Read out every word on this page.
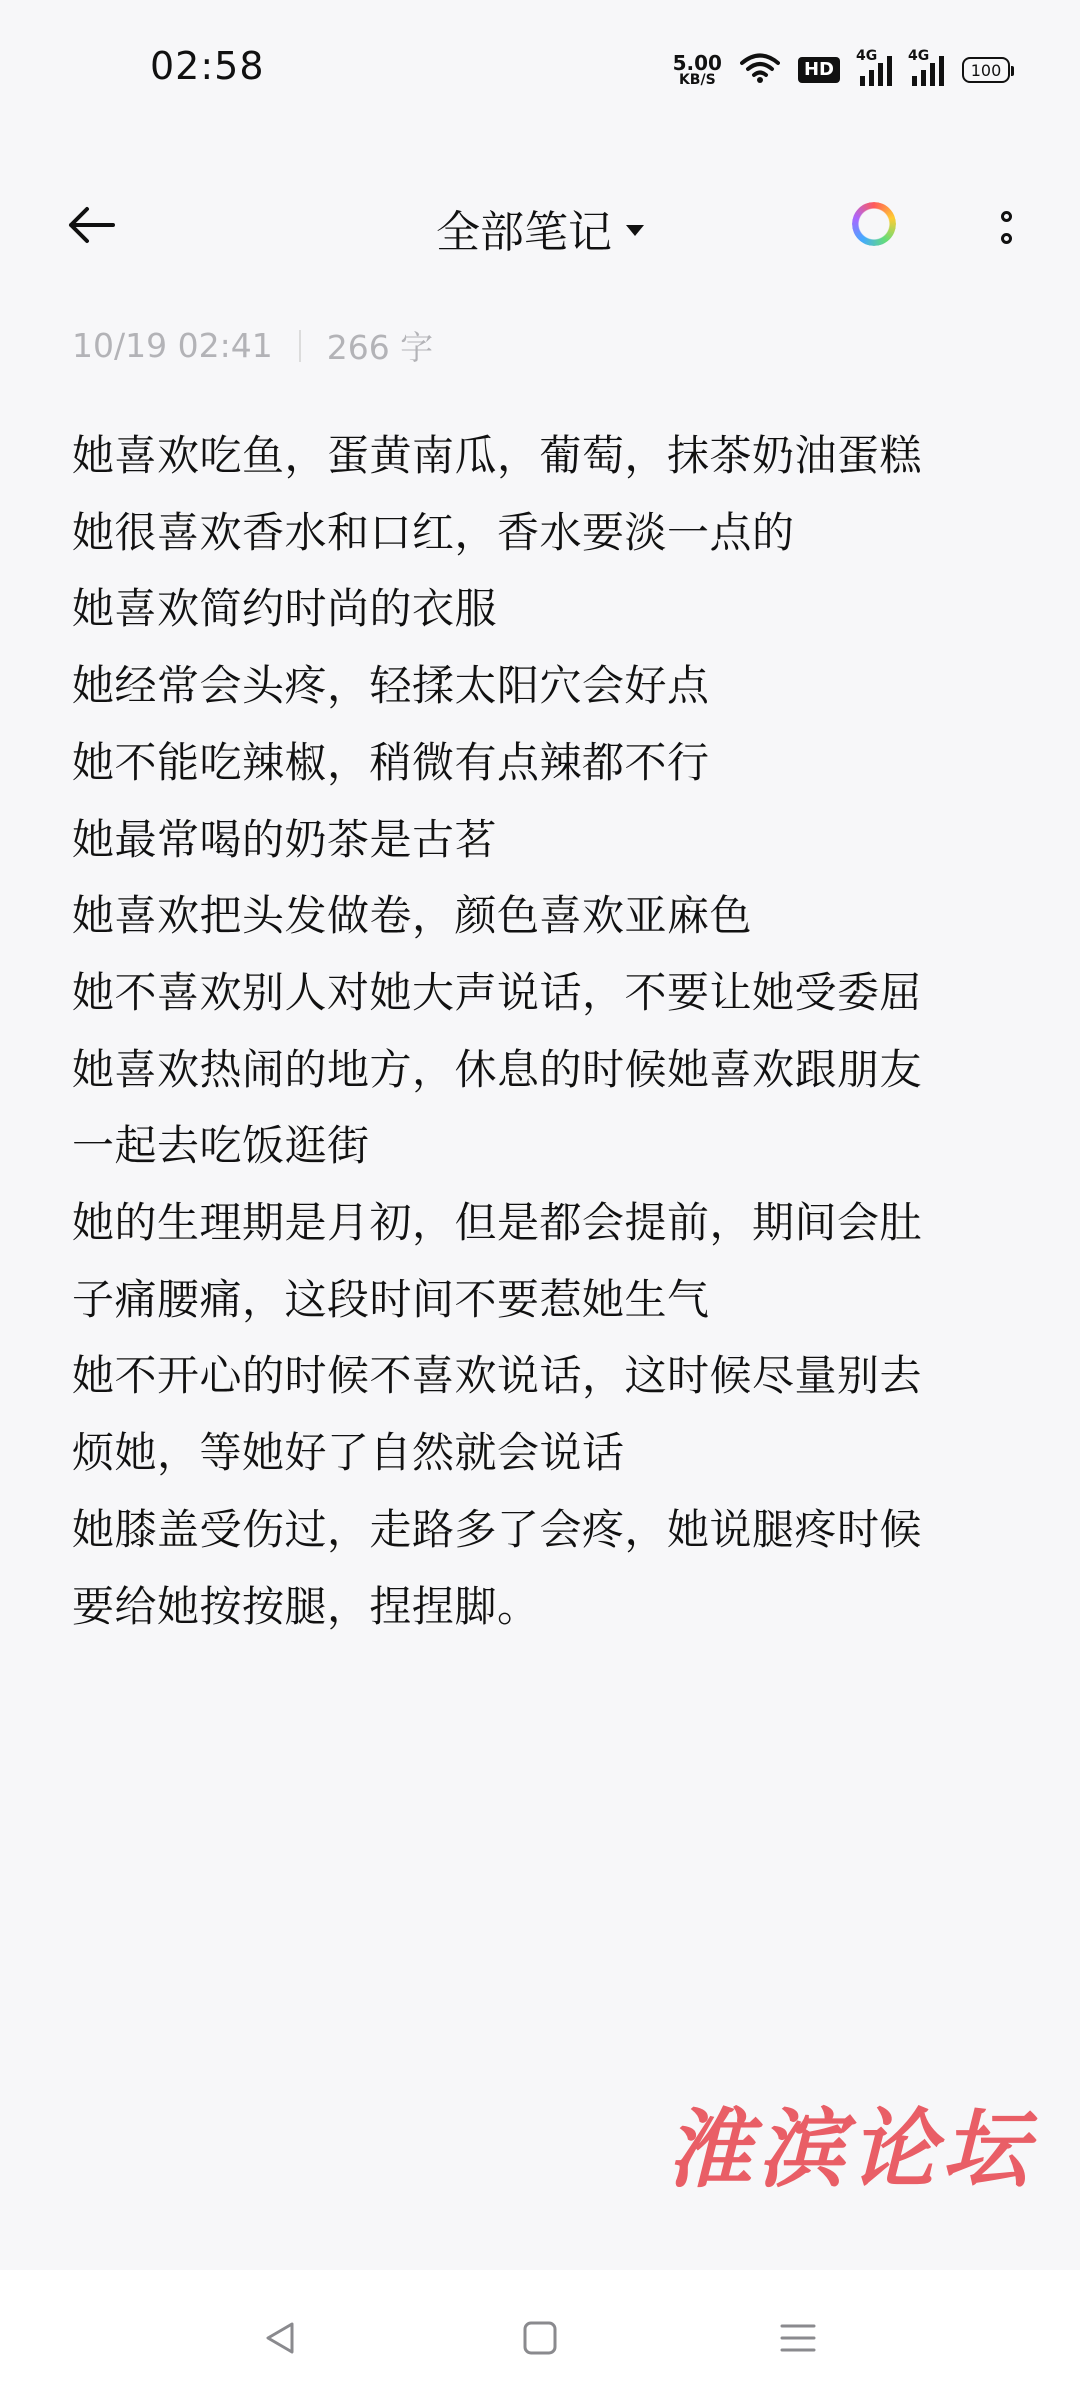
02:58	5.00
KB/S	HD
4G 4G
100
全部笔记
10/19 02:41 266 字
她喜欢吃鱼，蛋黄南瓜，葡萄，抹茶奶油蛋糕
她很喜欢香水和口红，香水要淡一点的
她喜欢简约时尚的衣服
她经常会头疼，轻揉太阳穴会好点
她不能吃辣椒，稍微有点辣都不行
她最常喝的奶茶是古茗
她喜欢把头发做卷，颜色喜欢亚麻色
她不喜欢别人对她大声说话，不要让她受委屈
她喜欢热闹的地方，休息的时候她喜欢跟朋友
一起去吃饭逛街
她的生理期是月初，但是都会提前，期间会肚
子痛腰痛，这段时间不要惹她生气
她不开心的时候不喜欢说话，这时候尽量别去
烦她，等她好了自然就会说话
她膝盖受伤过，走路多了会疼，她说腿疼时候
要给她按按腿，捏捏脚。
淮滨论坛
